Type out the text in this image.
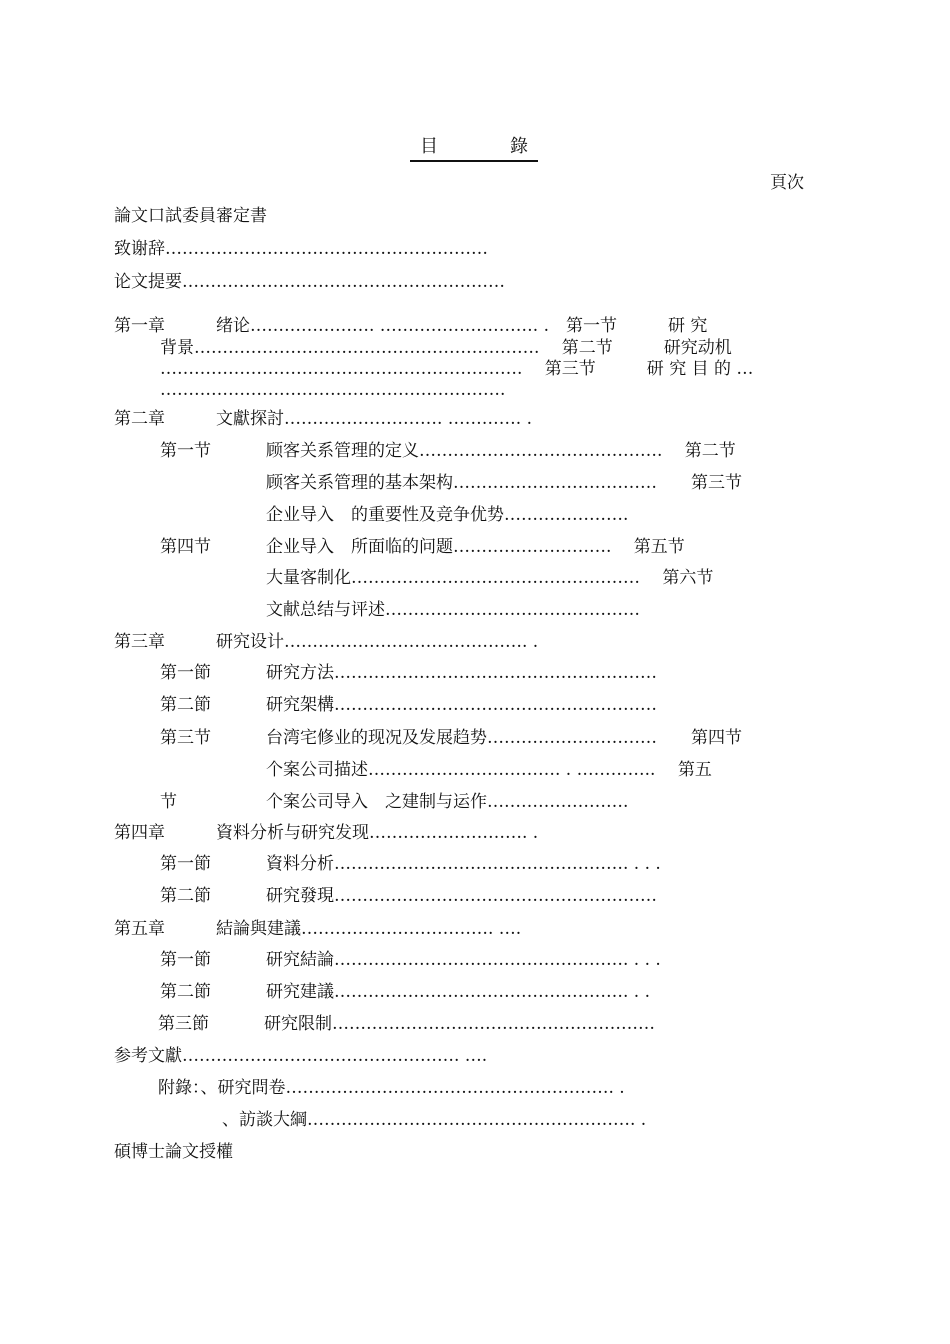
目	錄
頁次
論文口試委員審定書
致谢辞…………………………………………………
论文提要…………………………………………………
第一章　　　绪论…………………. ………………………. .　第一节　　　研 究
背景……………………………………………………. 　第二节　　　研究动机
………………………………………………………. 　第三节　　　研 究 目 的 …
…………………………………………………….
第二章　　　文獻探討………………………. …………. .
第一节	顾客关系管理的定义……………………………………. 　第二节
顾客关系管理的基本架构………………………………　　第三节
企业导入　的重要性及竞争优势………………….
第四节	企业导入　所面临的问题………………………. 　第五节
大量客制化…………………………………………… 　第六节
文献总结与评述………………………………………
第三章　　　研究设计……………………………………. .
第一節	研究方法…………………………………………………
第二節	研究架構…………………………………………………
第三节	台湾宅修业的现况及发展趋势…………………………　　第四节
个案公司描述……………………………. . ………….. 　第五
节	个案公司导入　之建制与运作…………………….
第四章　　　資料分析与研究发现………………………. .
第一節	資料分析……………………………………………. . . .
第二節	研究發現…………………………………………………
第五章　　　結論與建議……………………………. ….
第一節	研究結論……………………………………………. . . .
第二節	研究建議……………………………………………. . .
第三節	研究限制…………………………………………………
参考文獻…………………………………………. ….
附錄：、研究問卷…………………………………………………. .
、訪談大綱…………………………………………………. .
碩博士論文授權
